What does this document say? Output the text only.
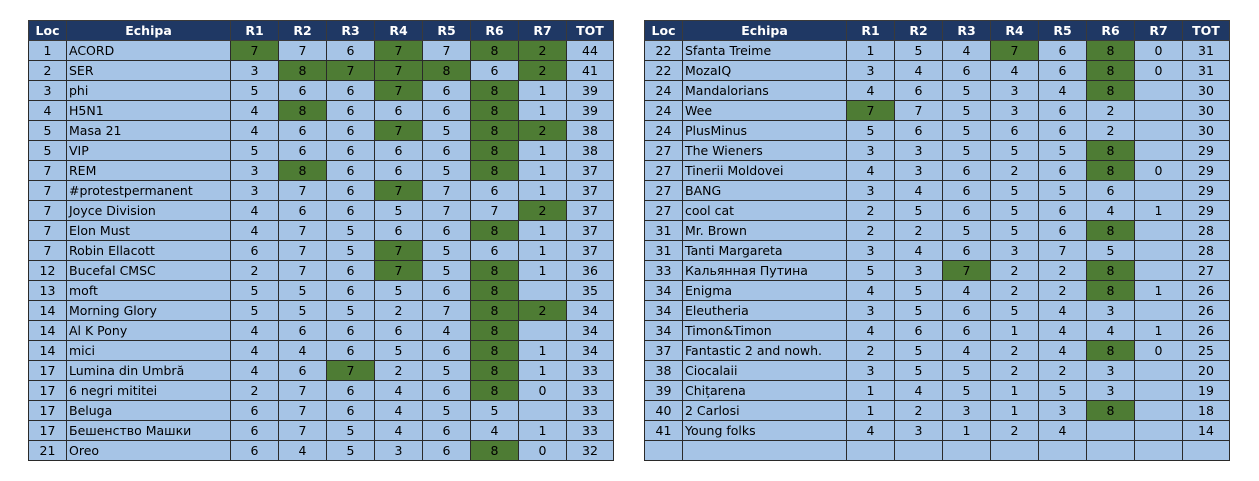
Loc	Echipa	R1	R2	R3	R4	R5	R6	R7	TOT
1	ACORD	7	7	6	7	7	8	2	44
2	SER	3	8	7	7	8	6	2	41
3	phi	5	6	6	7	6	8	1	39
4	H5N1	4	8	6	6	6	8	1	39
5	Masa 21	4	6	6	7	5	8	2	38
5	VIP	5	6	6	6	6	8	1	38
7	REM	3	8	6	6	5	8	1	37
7	#protestpermanent	3	7	6	7	7	6	1	37
7	Joyce Division	4	6	6	5	7	7	2	37
7	Elon Must	4	7	5	6	6	8	1	37
7	Robin Ellacott	6	7	5	7	5	6	1	37
12	Bucefal CMSC	2	7	6	7	5	8	1	36
13	moft	5	5	6	5	6	8		35
14	Morning Glory	5	5	5	2	7	8	2	34
14	Al K Pony	4	6	6	6	4	8		34
14	mici	4	4	6	5	6	8	1	34
17	Lumina din Umbră	4	6	7	2	5	8	1	33
17	6 negri mititei	2	7	6	4	6	8	0	33
17	Beluga	6	7	6	4	5	5		33
17	Бешенство Машки	6	7	5	4	6	4	1	33
21	Oreo	6	4	5	3	6	8	0	32
Loc	Echipa	R1	R2	R3	R4	R5	R6	R7	TOT
22	Sfanta Treime	1	5	4	7	6	8	0	31
22	MozaIQ	3	4	6	4	6	8	0	31
24	Mandalorians	4	6	5	3	4	8		30
24	Wee	7	7	5	3	6	2		30
24	PlusMinus	5	6	5	6	6	2		30
27	The Wieners	3	3	5	5	5	8		29
27	Tinerii Moldovei	4	3	6	2	6	8	0	29
27	BANG	3	4	6	5	5	6		29
27	cool cat	2	5	6	5	6	4	1	29
31	Mr. Brown	2	2	5	5	6	8		28
31	Tanti Margareta	3	4	6	3	7	5		28
33	Кальянная Путина	5	3	7	2	2	8		27
34	Enigma	4	5	4	2	2	8	1	26
34	Eleutheria	3	5	6	5	4	3		26
34	Timon&Timon	4	6	6	1	4	4	1	26
37	Fantastic 2 and nowh.	2	5	4	2	4	8	0	25
38	Ciocalaii	3	5	5	2	2	3		20
39	Chițarena	1	4	5	1	5	3		19
40	2 Carlosi	1	2	3	1	3	8		18
41	Young folks	4	3	1	2	4			14
